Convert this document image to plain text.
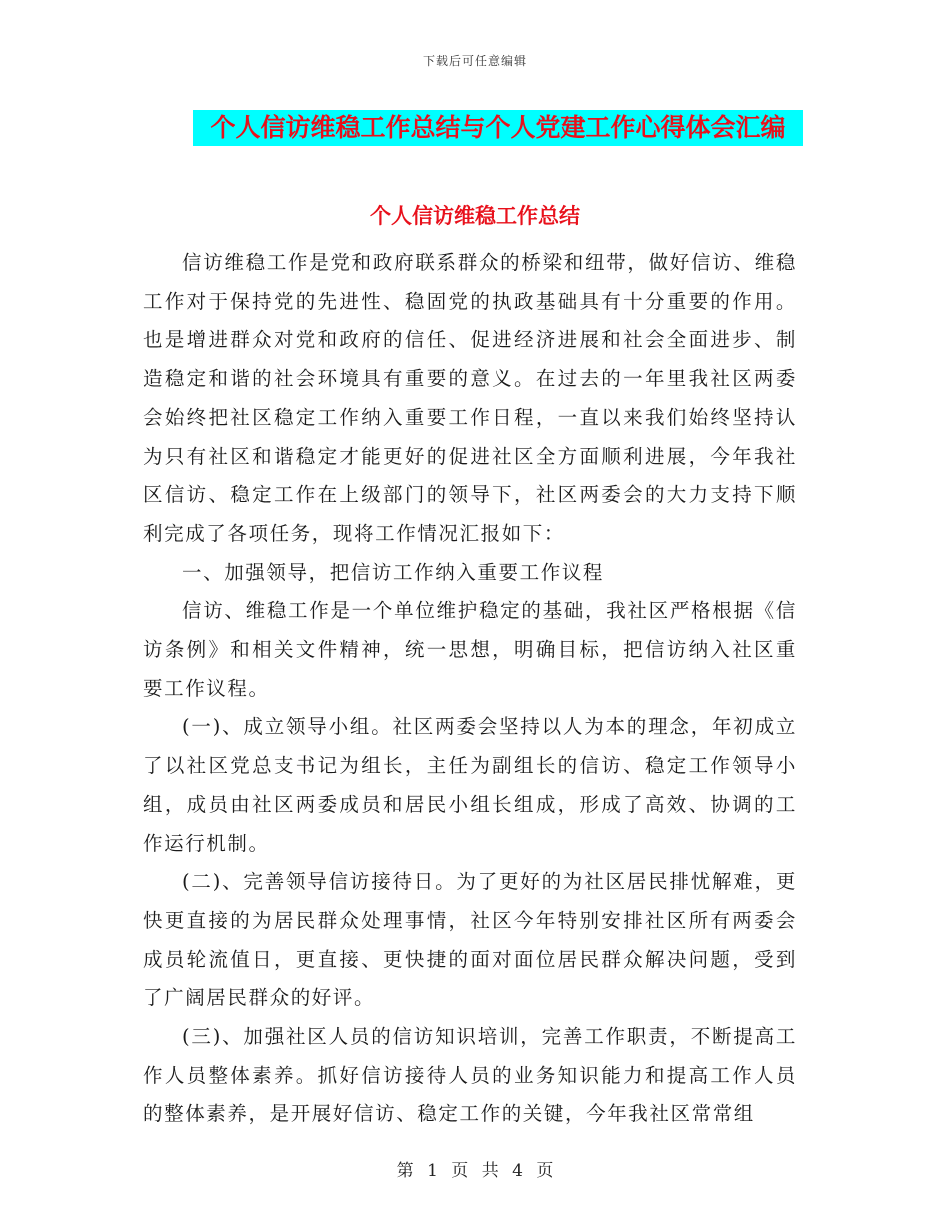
下载后可任意编辑
个人信访维稳工作总结与个人党建工作心得体会汇编
个人信访维稳工作总结

信访维稳工作是党和政府联系群众的桥梁和纽带，做好信访、维稳工作对于保持党的先进性、稳固党的执政基础具有十分重要的作用。也是增进群众对党和政府的信任、促进经济进展和社会全面进步、制造稳定和谐的社会环境具有重要的意义。在过去的一年里我社区两委会始终把社区稳定工作纳入重要工作日程，一直以来我们始终坚持认为只有社区和谐稳定才能更好的促进社区全方面顺利进展，今年我社区信访、稳定工作在上级部门的领导下，社区两委会的大力支持下顺利完成了各项任务，现将工作情况汇报如下：

一、加强领导，把信访工作纳入重要工作议程

信访、维稳工作是一个单位维护稳定的基础，我社区严格根据《信访条例》和相关文件精神，统一思想，明确目标，把信访纳入社区重要工作议程。

(一)、成立领导小组。社区两委会坚持以人为本的理念，年初成立了以社区党总支书记为组长，主任为副组长的信访、稳定工作领导小组，成员由社区两委成员和居民小组长组成，形成了高效、协调的工作运行机制。

(二)、完善领导信访接待日。为了更好的为社区居民排忧解难，更快更直接的为居民群众处理事情，社区今年特别安排社区所有两委会成员轮流值日，更直接、更快捷的面对面位居民群众解决问题，受到了广阔居民群众的好评。

(三)、加强社区人员的信访知识培训，完善工作职责，不断提高工作人员整体素养。抓好信访接待人员的业务知识能力和提高工作人员的整体素养，是开展好信访、稳定工作的关键，今年我社区常常组

第 1 页 共 4 页
